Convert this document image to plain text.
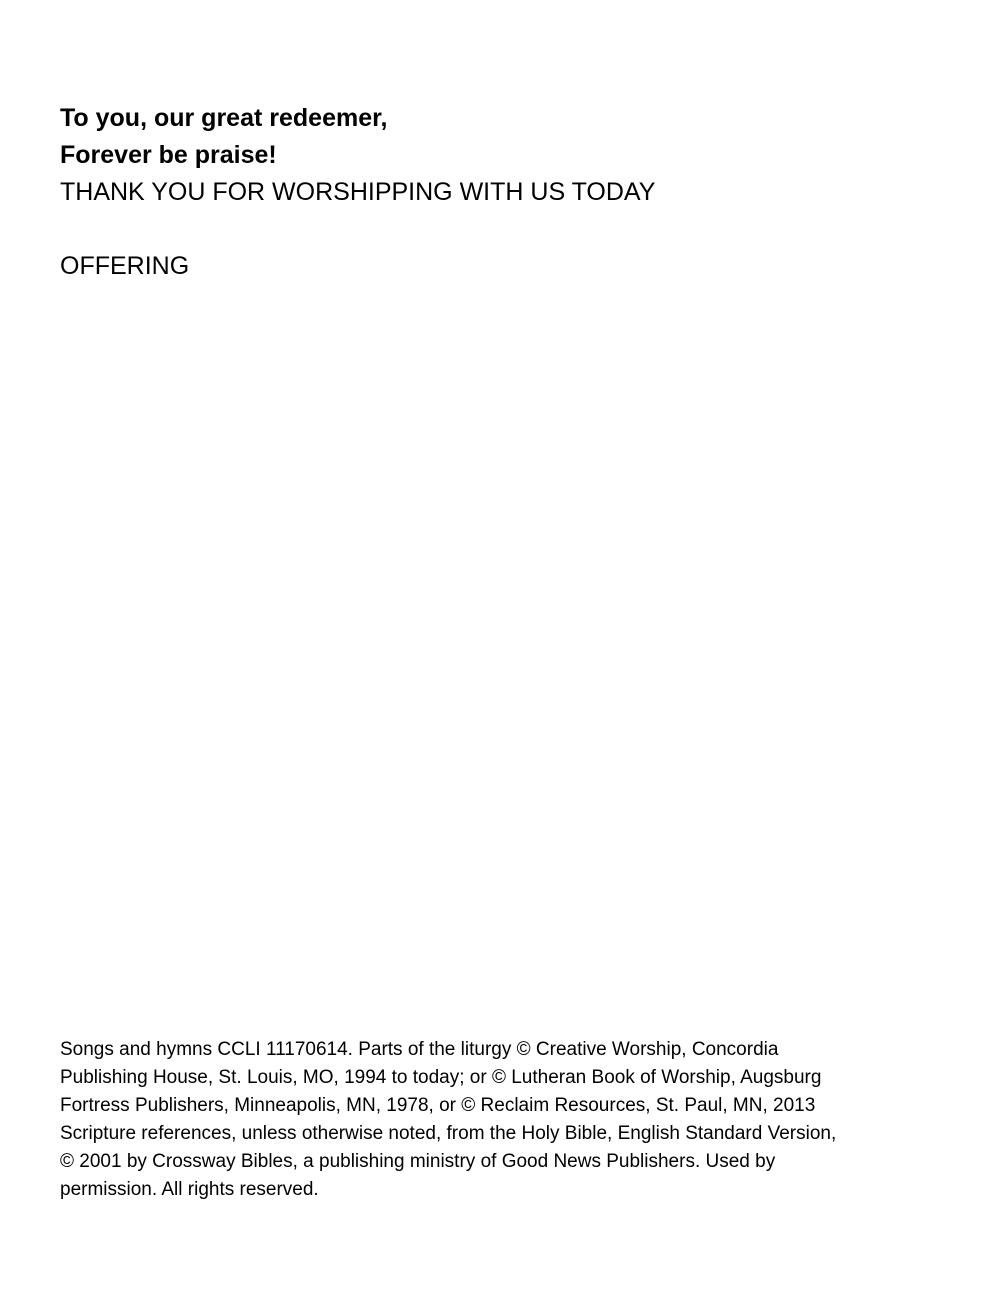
To you, our great redeemer,
Forever be praise!
THANK YOU FOR WORSHIPPING WITH US TODAY
OFFERING
Songs and hymns CCLI 11170614. Parts of the liturgy © Creative Worship, Concordia
Publishing House, St. Louis, MO, 1994 to today; or © Lutheran Book of Worship, Augsburg
Fortress Publishers, Minneapolis, MN, 1978, or © Reclaim Resources, St. Paul, MN, 2013
Scripture references, unless otherwise noted, from the Holy Bible, English Standard Version,
© 2001 by Crossway Bibles, a publishing ministry of Good News Publishers. Used by
permission. All rights reserved.
